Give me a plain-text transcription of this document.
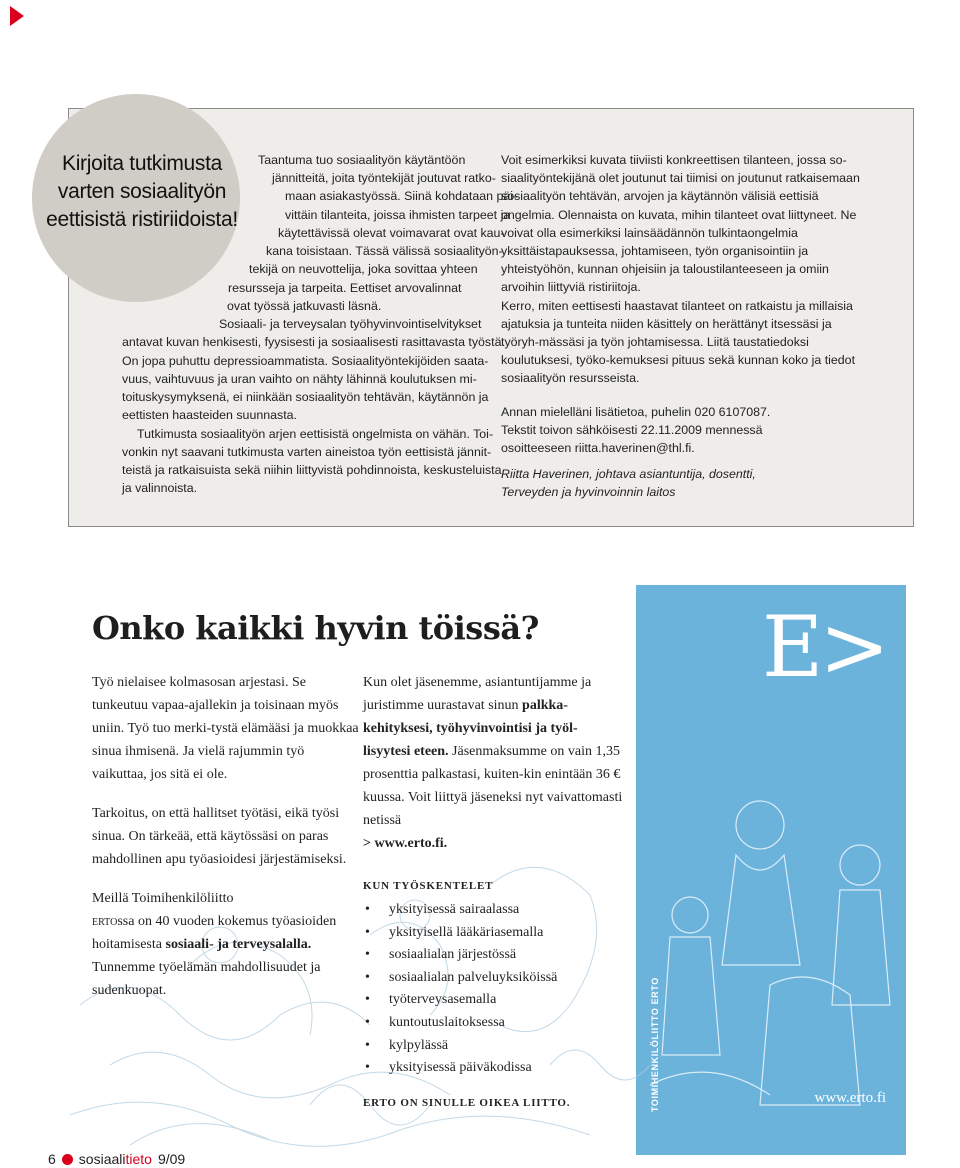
Kirjoita tutkimusta varten sosiaalityön eettisistä ristiriidoista!
Taantuma tuo sosiaalityön käytäntöön
jännitteitä, joita työntekijät joutuvat ratko-
maan asiakastyössä. Siinä kohdataan päi-
vittäin tilanteita, joissa ihmisten tarpeet ja
käytettävissä olevat voimavarat ovat kau-
kana toisistaan. Tässä välissä sosiaalityön-
tekijä on neuvottelija, joka sovittaa yhteen
resursseja ja tarpeita. Eettiset arvovalinnat
ovat työssä jatkuvasti läsnä.
Sosiaali- ja terveysalan työhyvinvointiselvitykset
antavat kuvan henkisesti, fyysisesti ja sosiaalisesti rasittavasta työstä.
On jopa puhuttu depressioammatista. Sosiaalityöntekijöiden saata-
vuus, vaihtuvuus ja uran vaihto on nähty lähinnä koulutuksen mi-
toituskysymyksenä, ei niinkään sosiaalityön tehtävän, käytännön ja
eettisten haasteiden suunnasta.
Tutkimusta sosiaalityön arjen eettisistä ongelmista on vähän. Toi-
vonkin nyt saavani tutkimusta varten aineistoa työn eettisistä jännit-
teistä ja ratkaisuista sekä niihin liittyvistä pohdinnoista, keskusteluista
ja valinnoista.

Voit esimerkiksi kuvata tiiviisti konkreettisen tilanteen, jossa so-siaalityöntekijänä olet joutunut tai tiimisi on joutunut ratkaisemaan sosiaalityön tehtävän, arvojen ja käytännön välisiä eettisiä ongelmia. Olennaista on kuvata, mihin tilanteet ovat liittyneet. Ne voivat olla esimerkiksi lainsäädännön tulkintaongelmia yksittäistapauksessa, johtamiseen, työn organisointiin ja yhteistyöhön, kunnan ohjeisiin ja taloustilanteeseen ja omiin arvoihin liittyviä ristiriitoja.

Kerro, miten eettisesti haastavat tilanteet on ratkaistu ja millaisia ajatuksia ja tunteita niiden käsittely on herättänyt itsessäsi ja työryh-mässäsi ja työn johtamisessa. Liitä taustatiedoksi koulutuksesi, työko-kemuksesi pituus sekä kunnan koko ja tiedot sosiaalityön resursseista.

Annan mielelläni lisätietoa, puhelin 020 6107087.

Tekstit toivon sähköisesti 22.11.2009 mennessä

osoitteeseen riitta.haverinen@thl.fi.

Riitta Haverinen, johtava asiantuntija, dosentti,

Terveyden ja hyvinvoinnin laitos

Onko kaikki hyvin töissä?

Työ nielaisee kolmasosan arjestasi. Se tunkeutuu vapaa-ajallekin ja toisinaan myös uniin. Työ tuo merki-tystä elämääsi ja muokkaa sinua ihmisenä. Ja vielä rajummin työ vaikuttaa, jos sitä ei ole.

Tarkoitus, on että hallitset työtäsi, eikä työsi sinua. On tärkeää, että käytössäsi on paras mahdollinen apu työasioidesi järjestämiseksi.

Meillä Toimihenkilöliitto
ertossa on 40 vuoden kokemus työasioiden hoitamisesta sosiaali- ja terveysalalla. Tunnemme työelämän mahdollisuudet ja sudenkuopat.

Kun olet jäsenemme, asiantuntijamme ja juristimme uurastavat sinun palkka-kehityksesi, työhyvinvointisi ja työl-lisyytesi eteen. Jäsenmaksumme on vain 1,35 prosenttia palkastasi, kuiten-kin enintään 36 € kuussa. Voit liittyä jäseneksi nyt vaivattomasti netissä

> www.erto.fi.

KUN TYÖSKENTELET
• yksityisessä sairaalassa
• yksityisellä lääkäriasemalla
• sosiaalialan järjestössä
• sosiaalialan palveluyksiköissä
• työterveysasemalla
• kuntoutuslaitoksessa
• kylpylässä
• yksityisessä päiväkodissa
ERTO ON SINULLE OIKEA LIITTO.
E>
TOIMIHENKILÖLIITTO ERTO	www.erto.fi
6 sosiaalitieto 9/09
